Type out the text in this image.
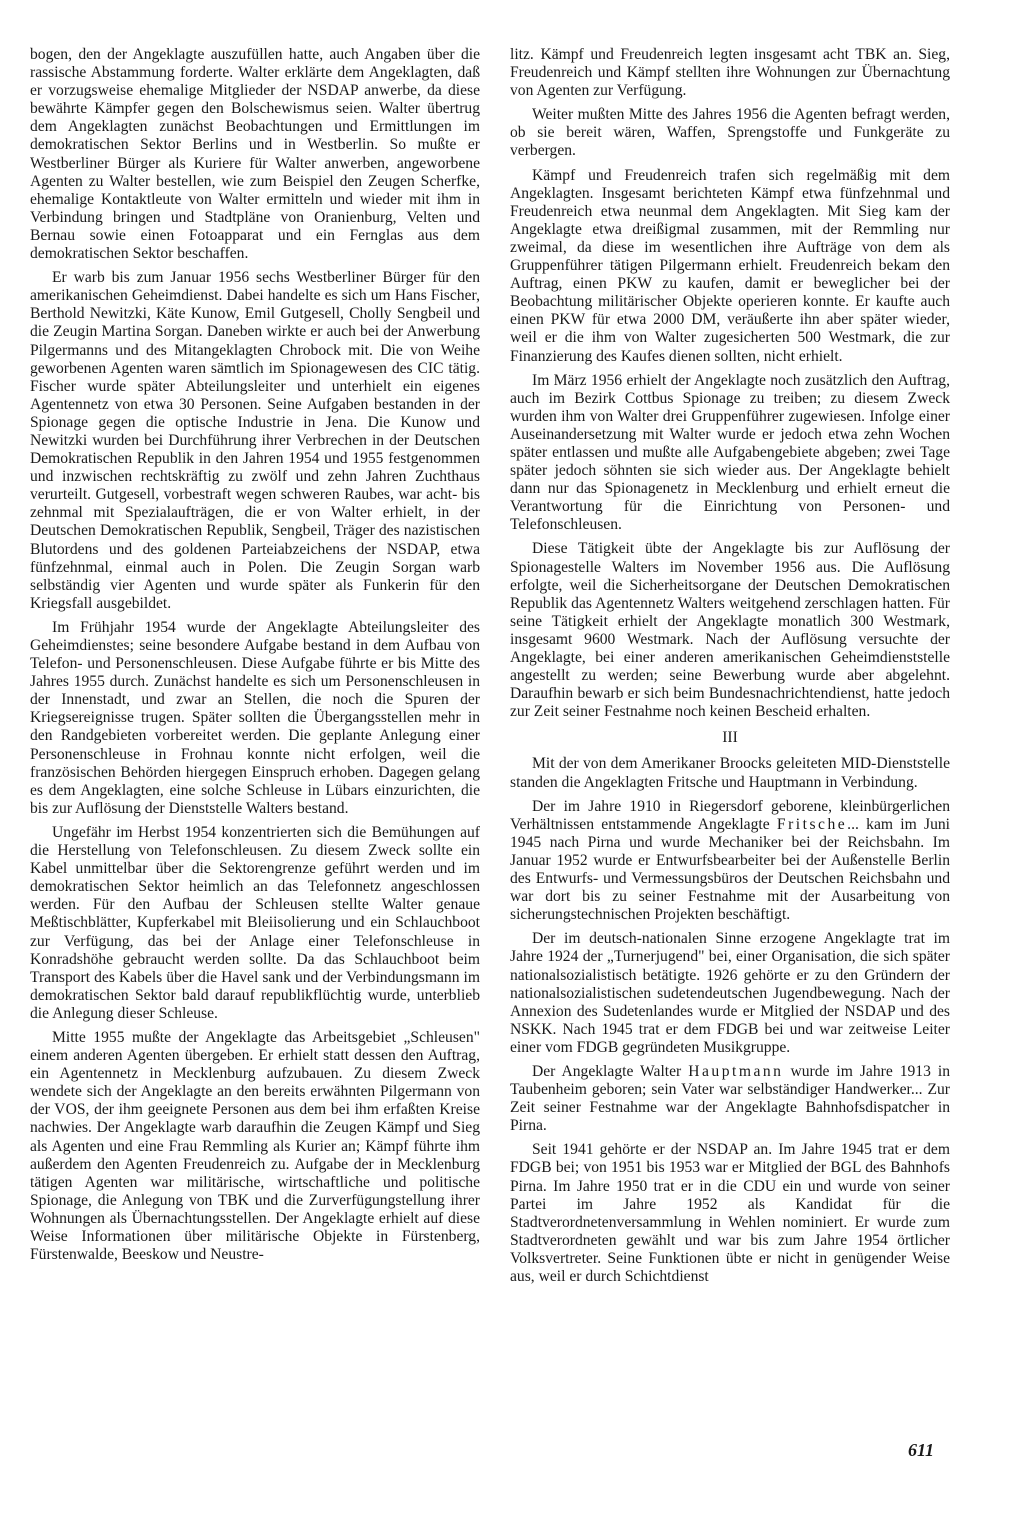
bogen, den der Angeklagte auszufüllen hatte, auch Angaben über die rassische Abstammung forderte. Walter erklärte dem Angeklagten, daß er vorzugsweise ehemalige Mitglieder der NSDAP anwerbe, da diese bewährte Kämpfer gegen den Bolschewismus seien. Walter übertrug dem Angeklagten zunächst Beobachtungen und Ermittlungen im demokratischen Sektor Berlins und in Westberlin. So mußte er Westberliner Bürger als Kuriere für Walter anwerben, angeworbene Agenten zu Walter bestellen, wie zum Beispiel den Zeugen Scherfke, ehemalige Kontaktleute von Walter ermitteln und wieder mit ihm in Verbindung bringen und Stadtpläne von Oranienburg, Velten und Bernau sowie einen Fotoapparat und ein Fernglas aus dem demokratischen Sektor beschaffen.

Er warb bis zum Januar 1956 sechs Westberliner Bürger für den amerikanischen Geheimdienst. Dabei handelte es sich um Hans Fischer, Berthold Newitzki, Käte Kunow, Emil Gutgesell, Cholly Sengbeil und die Zeugin Martina Sorgan. Daneben wirkte er auch bei der Anwerbung Pilgermanns und des Mitangeklagten Chrobock mit. Die von Weihe geworbenen Agenten waren sämtlich im Spionagewesen des CIC tätig. Fischer wurde später Abteilungsleiter und unterhielt ein eigenes Agentennetz von etwa 30 Personen. Seine Aufgaben bestanden in der Spionage gegen die optische Industrie in Jena. Die Kunow und Newitzki wurden bei Durchführung ihrer Verbrechen in der Deutschen Demokratischen Republik in den Jahren 1954 und 1955 festgenommen und inzwischen rechtskräftig zu zwölf und zehn Jahren Zuchthaus verurteilt. Gutgesell, vorbestraft wegen schweren Raubes, war acht- bis zehnmal mit Spezialaufträgen, die er von Walter erhielt, in der Deutschen Demokratischen Republik, Sengbeil, Träger des nazistischen Blutordens und des goldenen Parteiabzeichens der NSDAP, etwa fünfzehnmal, einmal auch in Polen. Die Zeugin Sorgan warb selbständig vier Agenten und wurde später als Funkerin für den Kriegsfall ausgebildet.

Im Frühjahr 1954 wurde der Angeklagte Abteilungsleiter des Geheimdienstes; seine besondere Aufgabe bestand in dem Aufbau von Telefon- und Personenschleusen. Diese Aufgabe führte er bis Mitte des Jahres 1955 durch. Zunächst handelte es sich um Personenschleusen in der Innenstadt, und zwar an Stellen, die noch die Spuren der Kriegsereignisse trugen. Später sollten die Übergangsstellen mehr in den Randgebieten vorbereitet werden. Die geplante Anlegung einer Personenschleuse in Frohnau konnte nicht erfolgen, weil die französischen Behörden hiergegen Einspruch erhoben. Dagegen gelang es dem Angeklagten, eine solche Schleuse in Lübars einzurichten, die bis zur Auflösung der Dienststelle Walters bestand.

Ungefähr im Herbst 1954 konzentrierten sich die Bemühungen auf die Herstellung von Telefonschleusen. Zu diesem Zweck sollte ein Kabel unmittelbar über die Sektorengrenze geführt werden und im demokratischen Sektor heimlich an das Telefonnetz angeschlossen werden. Für den Aufbau der Schleusen stellte Walter genaue Meßtischblätter, Kupferkabel mit Bleiisolierung und ein Schlauchboot zur Verfügung, das bei der Anlage einer Telefonschleuse in Konradshöhe gebraucht werden sollte. Da das Schlauchboot beim Transport des Kabels über die Havel sank und der Verbindungsmann im demokratischen Sektor bald darauf republikflüchtig wurde, unterblieb die Anlegung dieser Schleuse.

Mitte 1955 mußte der Angeklagte das Arbeitsgebiet „Schleusen" einem anderen Agenten übergeben. Er erhielt statt dessen den Auftrag, ein Agentennetz in Mecklenburg aufzubauen. Zu diesem Zweck wendete sich der Angeklagte an den bereits erwähnten Pilgermann von der VOS, der ihm geeignete Personen aus dem bei ihm erfaßten Kreise nachwies. Der Angeklagte warb daraufhin die Zeugen Kämpf und Sieg als Agenten und eine Frau Remmling als Kurier an; Kämpf führte ihm außerdem den Agenten Freudenreich zu. Aufgabe der in Mecklenburg tätigen Agenten war militärische, wirtschaftliche und politische Spionage, die Anlegung von TBK und die Zurverfügungstellung ihrer Wohnungen als Übernachtungsstellen. Der Angeklagte erhielt auf diese Weise Informationen über militärische Objekte in Fürstenberg, Fürstenwalde, Beeskow und Neustre-

litz. Kämpf und Freudenreich legten insgesamt acht TBK an. Sieg, Freudenreich und Kämpf stellten ihre Wohnungen zur Übernachtung von Agenten zur Verfügung.

Weiter mußten Mitte des Jahres 1956 die Agenten befragt werden, ob sie bereit wären, Waffen, Sprengstoffe und Funkgeräte zu verbergen.

Kämpf und Freudenreich trafen sich regelmäßig mit dem Angeklagten. Insgesamt berichteten Kämpf etwa fünfzehnmal und Freudenreich etwa neunmal dem Angeklagten. Mit Sieg kam der Angeklagte etwa dreißigmal zusammen, mit der Remmling nur zweimal, da diese im wesentlichen ihre Aufträge von dem als Gruppenführer tätigen Pilgermann erhielt. Freudenreich bekam den Auftrag, einen PKW zu kaufen, damit er beweglicher bei der Beobachtung militärischer Objekte operieren konnte. Er kaufte auch einen PKW für etwa 2000 DM, veräußerte ihn aber später wieder, weil er die ihm von Walter zugesicherten 500 Westmark, die zur Finanzierung des Kaufes dienen sollten, nicht erhielt.

Im März 1956 erhielt der Angeklagte noch zusätzlich den Auftrag, auch im Bezirk Cottbus Spionage zu treiben; zu diesem Zweck wurden ihm von Walter drei Gruppenführer zugewiesen. Infolge einer Auseinandersetzung mit Walter wurde er jedoch etwa zehn Wochen später entlassen und mußte alle Aufgabengebiete abgeben; zwei Tage später jedoch söhnten sie sich wieder aus. Der Angeklagte behielt dann nur das Spionagenetz in Mecklenburg und erhielt erneut die Verantwortung für die Einrichtung von Personen- und Telefonschleusen.

Diese Tätigkeit übte der Angeklagte bis zur Auflösung der Spionagestelle Walters im November 1956 aus. Die Auflösung erfolgte, weil die Sicherheitsorgane der Deutschen Demokratischen Republik das Agentennetz Walters weitgehend zerschlagen hatten. Für seine Tätigkeit erhielt der Angeklagte monatlich 300 Westmark, insgesamt 9600 Westmark. Nach der Auflösung versuchte der Angeklagte, bei einer anderen amerikanischen Geheimdienststelle angestellt zu werden; seine Bewerbung wurde aber abgelehnt. Daraufhin bewarb er sich beim Bundesnachrichtendienst, hatte jedoch zur Zeit seiner Festnahme noch keinen Bescheid erhalten.

III

Mit der von dem Amerikaner Broocks geleiteten MID-Dienststelle standen die Angeklagten Fritsche und Hauptmann in Verbindung.

Der im Jahre 1910 in Riegersdorf geborene, kleinbürgerlichen Verhältnissen entstammende Angeklagte Fritsche... kam im Juni 1945 nach Pirna und wurde Mechaniker bei der Reichsbahn. Im Januar 1952 wurde er Entwurfsbearbeiter bei der Außenstelle Berlin des Entwurfs- und Vermessungsbüros der Deutschen Reichsbahn und war dort bis zu seiner Festnahme mit der Ausarbeitung von sicherungstechnischen Projekten beschäftigt.

Der im deutsch-nationalen Sinne erzogene Angeklagte trat im Jahre 1924 der „Turnerjugend" bei, einer Organisation, die sich später nationalsozialistisch betätigte. 1926 gehörte er zu den Gründern der nationalsozialistischen sudetendeutschen Jugendbewegung. Nach der Annexion des Sudetenlandes wurde er Mitglied der NSDAP und des NSKK. Nach 1945 trat er dem FDGB bei und war zeitweise Leiter einer vom FDGB gegründeten Musikgruppe.

Der Angeklagte Walter Hauptmann wurde im Jahre 1913 in Taubenheim geboren; sein Vater war selbständiger Handwerker... Zur Zeit seiner Festnahme war der Angeklagte Bahnhofsdispatcher in Pirna.

Seit 1941 gehörte er der NSDAP an. Im Jahre 1945 trat er dem FDGB bei; von 1951 bis 1953 war er Mitglied der BGL des Bahnhofs Pirna. Im Jahre 1950 trat er in die CDU ein und wurde von seiner Partei im Jahre 1952 als Kandidat für die Stadtverordnetenversammlung in Wehlen nominiert. Er wurde zum Stadtverordneten gewählt und war bis zum Jahre 1954 örtlicher Volksvertreter. Seine Funktionen übte er nicht in genügender Weise aus, weil er durch Schichtdienst

611
